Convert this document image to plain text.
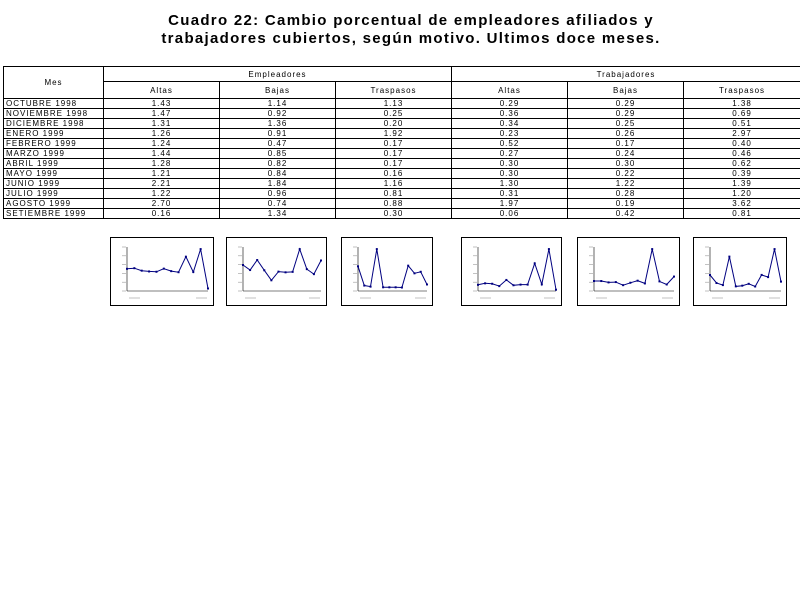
Cuadro 22: Cambio porcentual de empleadores afiliados y
trabajadores cubiertos, según motivo. Ultimos doce meses.
Mes	Empleadores			Trabajadores		
	Altas	Bajas	Traspasos	Altas	Bajas	Traspasos
OCTUBRE 1998	1.43	1.14	1.13	0.29	0.29	1.38
NOVIEMBRE 1998	1.47	0.92	0.25	0.36	0.29	0.69
DICIEMBRE 1998	1.31	1.36	0.20	0.34	0.25	0.51
ENERO 1999	1.26	0.91	1.92	0.23	0.26	2.97
FEBRERO 1999	1.24	0.47	0.17	0.52	0.17	0.40
MARZO 1999	1.44	0.85	0.17	0.27	0.24	0.46
ABRIL 1999	1.28	0.82	0.17	0.30	0.30	0.62
MAYO 1999	1.21	0.84	0.16	0.30	0.22	0.39
JUNIO 1999	2.21	1.84	1.16	1.30	1.22	1.39
JULIO 1999	1.22	0.96	0.81	0.31	0.28	1.20
AGOSTO 1999	2.70	0.74	0.88	1.97	0.19	3.62
SETIEMBRE 1999	0.16	1.34	0.30	0.06	0.42	0.81
